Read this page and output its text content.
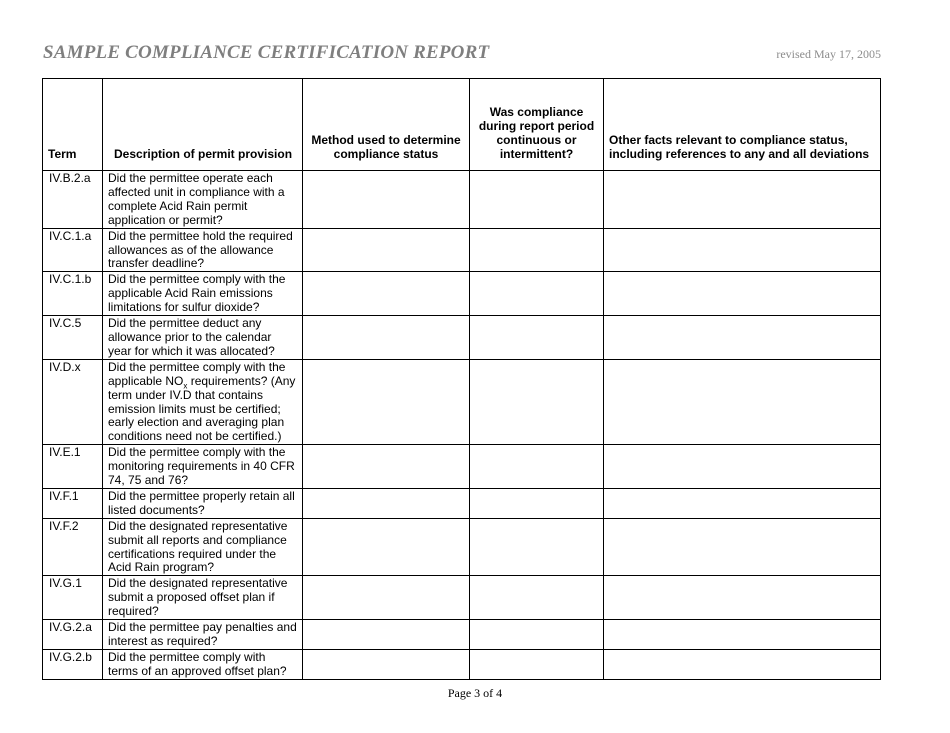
SAMPLE COMPLIANCE CERTIFICATION REPORT	revised May 17, 2005
Term	Description of permit provision	Method used to determine compliance status	Was compliance during report period continuous or intermittent?	Other facts relevant to compliance status, including references to any and all deviations
IV.B.2.a	Did the permittee operate each affected unit in compliance with a complete Acid Rain permit application or permit?			
IV.C.1.a	Did the permittee hold the required allowances as of the allowance transfer deadline?			
IV.C.1.b	Did the permittee comply with the applicable Acid Rain emissions limitations for sulfur dioxide?			
IV.C.5	Did the permittee deduct any allowance prior to the calendar year for which it was allocated?			
IV.D.x	Did the permittee comply with the applicable $NO_x$ requirements? (Any term under IV.D that contains emission limits must be certified; early election and averaging plan conditions need not be certified.)			
IV.E.1	Did the permittee comply with the monitoring requirements in 40 CFR 74, 75 and 76?			
IV.F.1	Did the permittee properly retain all listed documents?			
IV.F.2	Did the designated representative submit all reports and compliance certifications required under the Acid Rain program?			
IV.G.1	Did the designated representative submit a proposed offset plan if required?			
IV.G.2.a	Did the permittee pay penalties and interest as required?			
IV.G.2.b	Did the permittee comply with terms of an approved offset plan?			
Page 3 of 4
